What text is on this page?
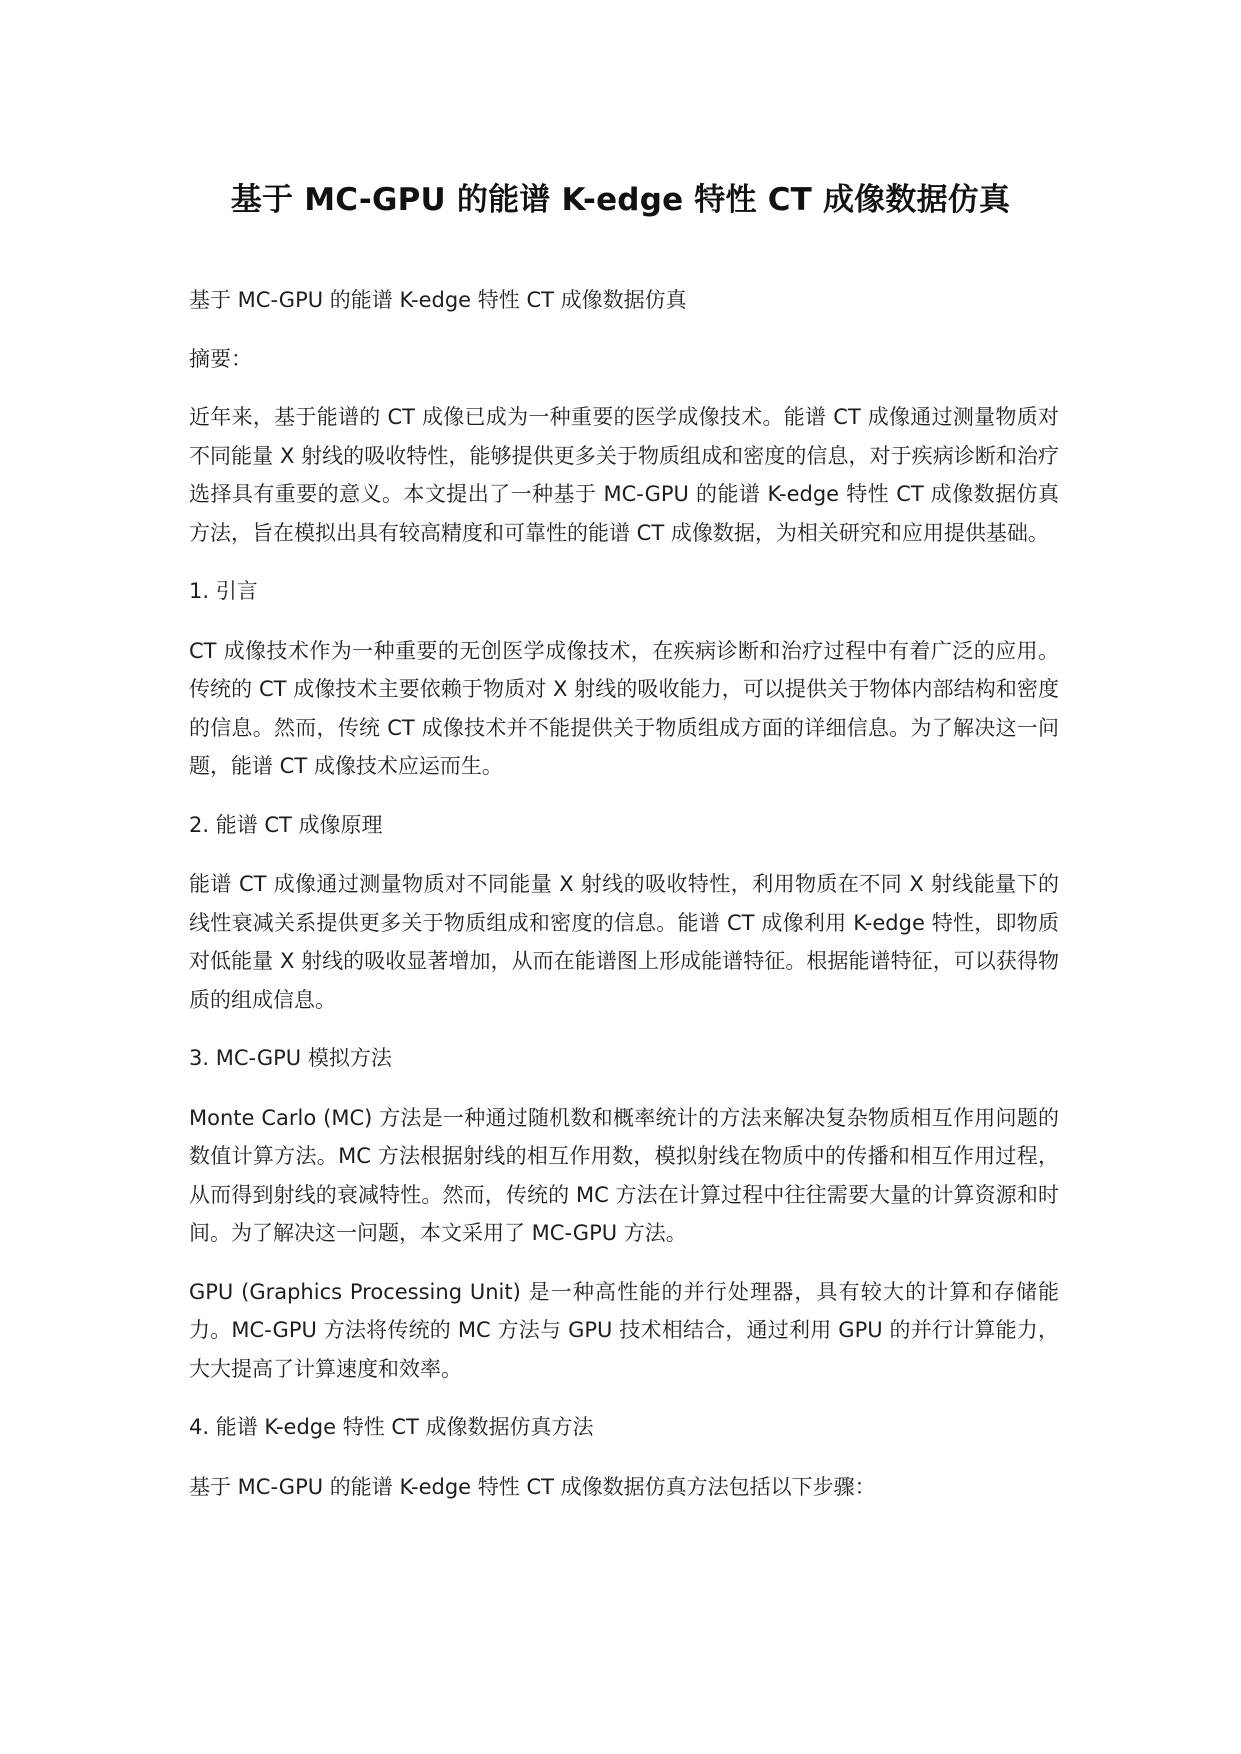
基于 MC-GPU 的能谱 K-edge 特性 CT 成像数据仿真

基于 MC-GPU 的能谱 K-edge 特性 CT 成像数据仿真

摘要：

近年来，基于能谱的 CT 成像已成为一种重要的医学成像技术。能谱 CT 成像通过测量物质对不同能量 X 射线的吸收特性，能够提供更多关于物质组成和密度的信息，对于疾病诊断和治疗选择具有重要的意义。本文提出了一种基于 MC-GPU 的能谱 K-edge 特性 CT 成像数据仿真方法，旨在模拟出具有较高精度和可靠性的能谱 CT 成像数据，为相关研究和应用提供基础。

1. 引言

CT 成像技术作为一种重要的无创医学成像技术，在疾病诊断和治疗过程中有着广泛的应用。传统的 CT 成像技术主要依赖于物质对 X 射线的吸收能力，可以提供关于物体内部结构和密度的信息。然而，传统 CT 成像技术并不能提供关于物质组成方面的详细信息。为了解决这一问题，能谱 CT 成像技术应运而生。

2. 能谱 CT 成像原理

能谱 CT 成像通过测量物质对不同能量 X 射线的吸收特性，利用物质在不同 X 射线能量下的线性衰减关系提供更多关于物质组成和密度的信息。能谱 CT 成像利用 K-edge 特性，即物质对低能量 X 射线的吸收显著增加，从而在能谱图上形成能谱特征。根据能谱特征，可以获得物质的组成信息。

3. MC-GPU 模拟方法

Monte Carlo (MC) 方法是一种通过随机数和概率统计的方法来解决复杂物质相互作用问题的数值计算方法。MC 方法根据射线的相互作用数，模拟射线在物质中的传播和相互作用过程，从而得到射线的衰减特性。然而，传统的 MC 方法在计算过程中往往需要大量的计算资源和时间。为了解决这一问题，本文采用了 MC-GPU 方法。

GPU (Graphics Processing Unit) 是一种高性能的并行处理器，具有较大的计算和存储能力。MC-GPU 方法将传统的 MC 方法与 GPU 技术相结合，通过利用 GPU 的并行计算能力，大大提高了计算速度和效率。

4. 能谱 K-edge 特性 CT 成像数据仿真方法

基于 MC-GPU 的能谱 K-edge 特性 CT 成像数据仿真方法包括以下步骤：
